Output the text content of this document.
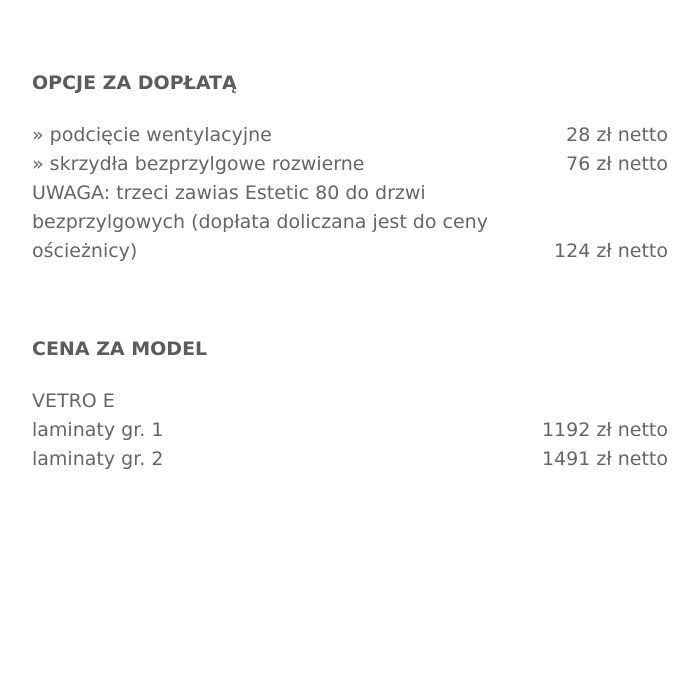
OPCJE ZA DOPŁATĄ
» podcięcie wentylacyjne	28 zł netto
» skrzydła bezprzylgowe rozwierne	76 zł netto
UWAGA: trzeci zawias Estetic 80 do drzwi bezprzylgowych (dopłata doliczana jest do ceny ościeżnicy)	124 zł netto
CENA ZA MODEL
VETRO E
laminaty gr. 1	1192 zł netto
laminaty gr. 2	1491 zł netto
